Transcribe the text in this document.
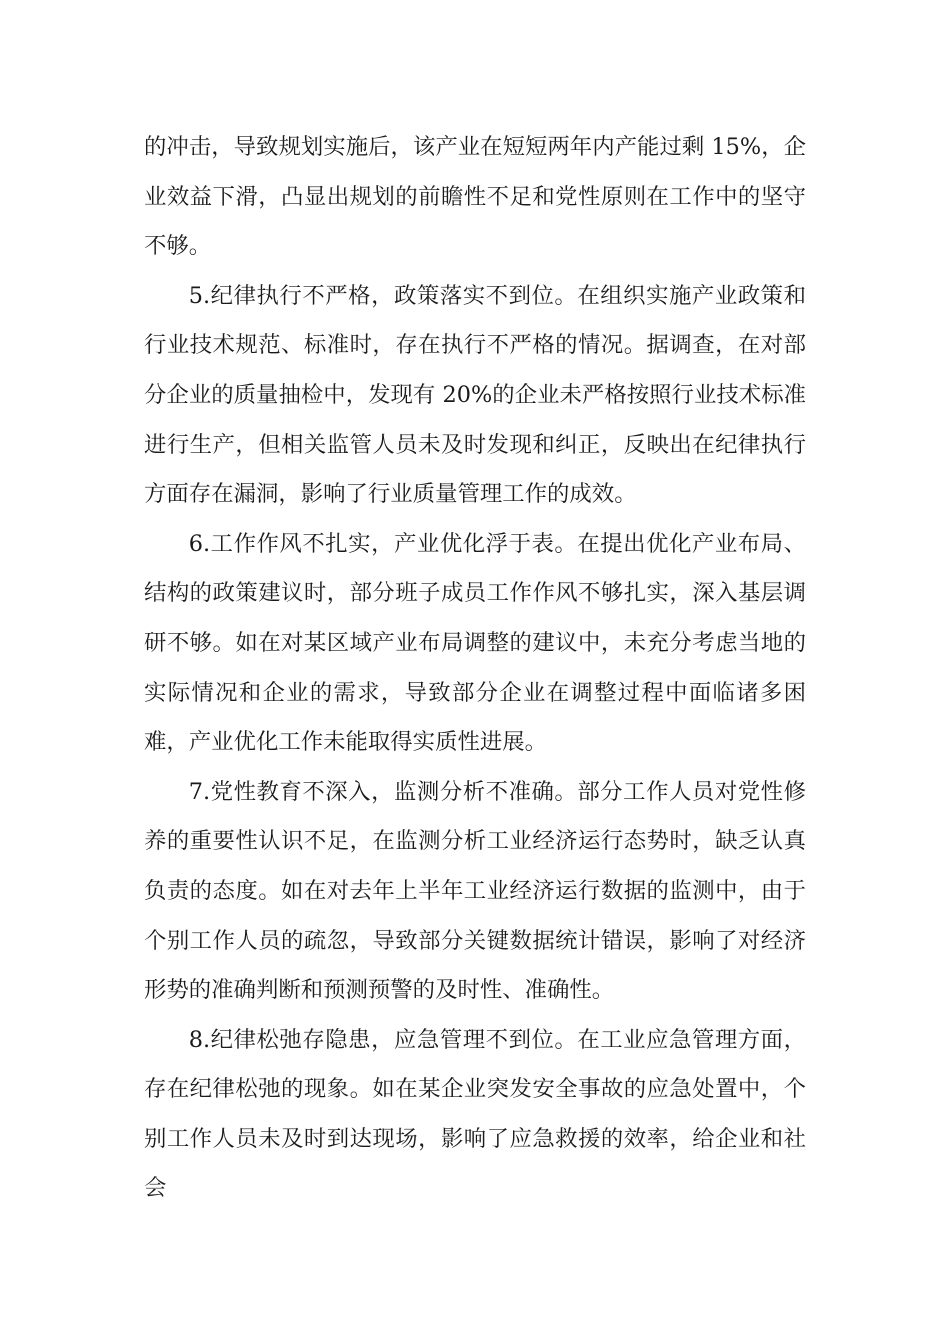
的冲击，导致规划实施后，该产业在短短两年内产能过剩 15%，企业效益下滑，凸显出规划的前瞻性不足和党性原则在工作中的坚守不够。

5.纪律执行不严格，政策落实不到位。在组织实施产业政策和行业技术规范、标准时，存在执行不严格的情况。据调查，在对部分企业的质量抽检中，发现有 20%的企业未严格按照行业技术标准进行生产，但相关监管人员未及时发现和纠正，反映出在纪律执行方面存在漏洞，影响了行业质量管理工作的成效。

6.工作作风不扎实，产业优化浮于表。在提出优化产业布局、结构的政策建议时，部分班子成员工作作风不够扎实，深入基层调研不够。如在对某区域产业布局调整的建议中，未充分考虑当地的实际情况和企业的需求，导致部分企业在调整过程中面临诸多困难，产业优化工作未能取得实质性进展。

7.党性教育不深入，监测分析不准确。部分工作人员对党性修养的重要性认识不足，在监测分析工业经济运行态势时，缺乏认真负责的态度。如在对去年上半年工业经济运行数据的监测中，由于个别工作人员的疏忽，导致部分关键数据统计错误，影响了对经济形势的准确判断和预测预警的及时性、准确性。

8.纪律松弛存隐患，应急管理不到位。在工业应急管理方面，存在纪律松弛的现象。如在某企业突发安全事故的应急处置中，个别工作人员未及时到达现场，影响了应急救援的效率，给企业和社会
